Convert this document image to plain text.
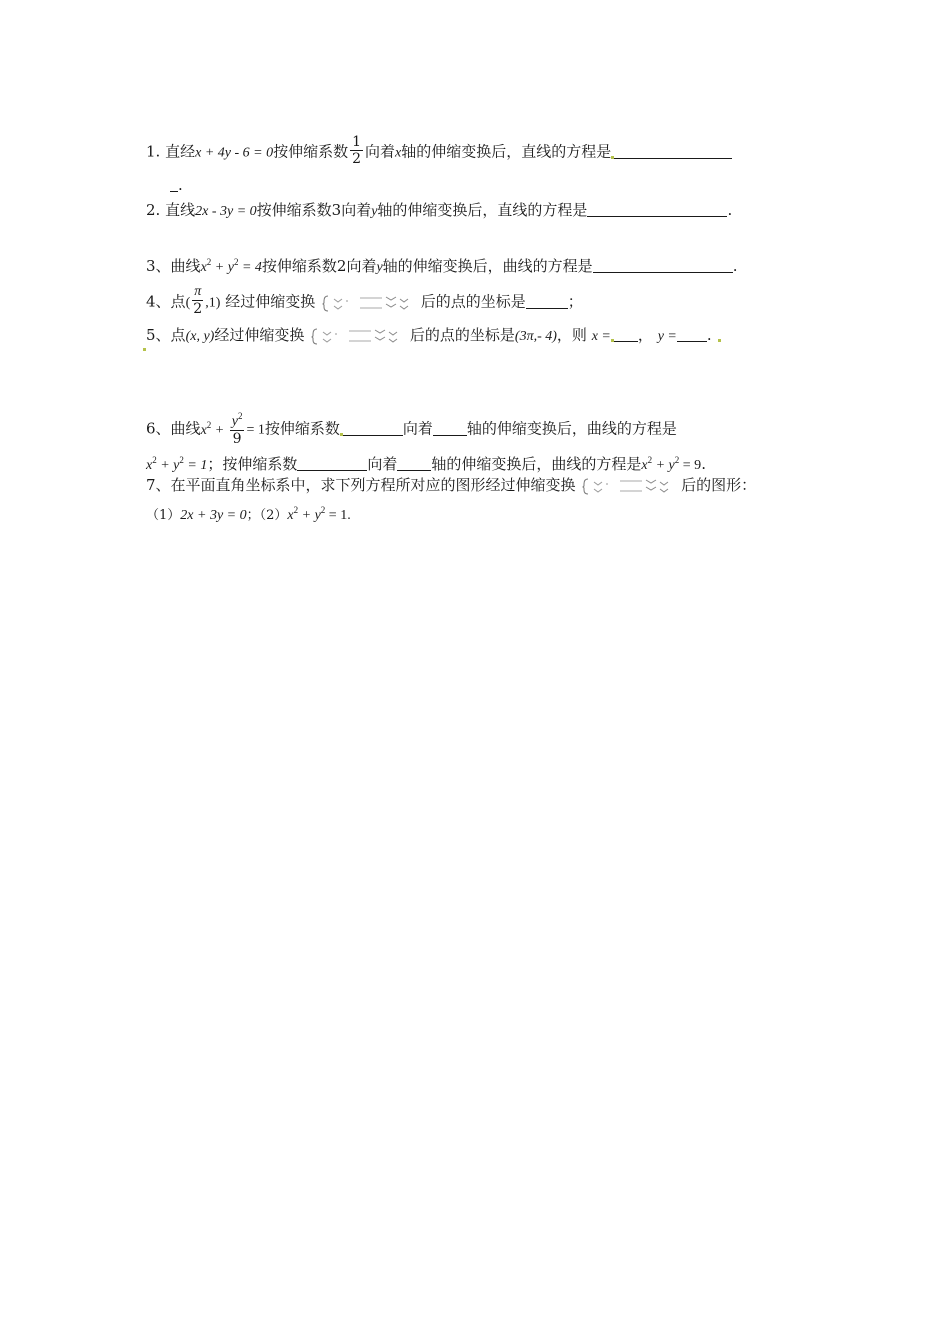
1. 直经x + 4y - 6 = 0按伸缩系数 $\frac{1}{2}$ 向着x轴的伸缩变换后，直线的方程是
.
2. 直线2x - 3y = 0按伸缩系数3向着y轴的伸缩变换后，直线的方程是	.
3、曲线$x^2 + y^2 = 4$按伸缩系数2向着y轴的伸缩变换后，曲线的方程是	.
4、点( $\frac{\pi}{2} ,1$) 经过伸缩变换	后的点的坐标是	；
5、点(x, y)经过伸缩变换	后的点的坐标是(3π,- 4)，则 x = ， y = .
6、曲线$x^2 + \frac{y^2}{9} = 1$按伸缩系数	向着 轴的伸缩变换后，曲线的方程是
$x^2 + y^2 = 1$；按伸缩系数	向着 轴的伸缩变换后，曲线的方程是$x^2 + y^2 = 9$.
7、在平面直角坐标系中，求下列方程所对应的图形经过伸缩变换	后的图形：
（1）2x + 3y = 0；$(2)x^2 + y^2 = 1$.
